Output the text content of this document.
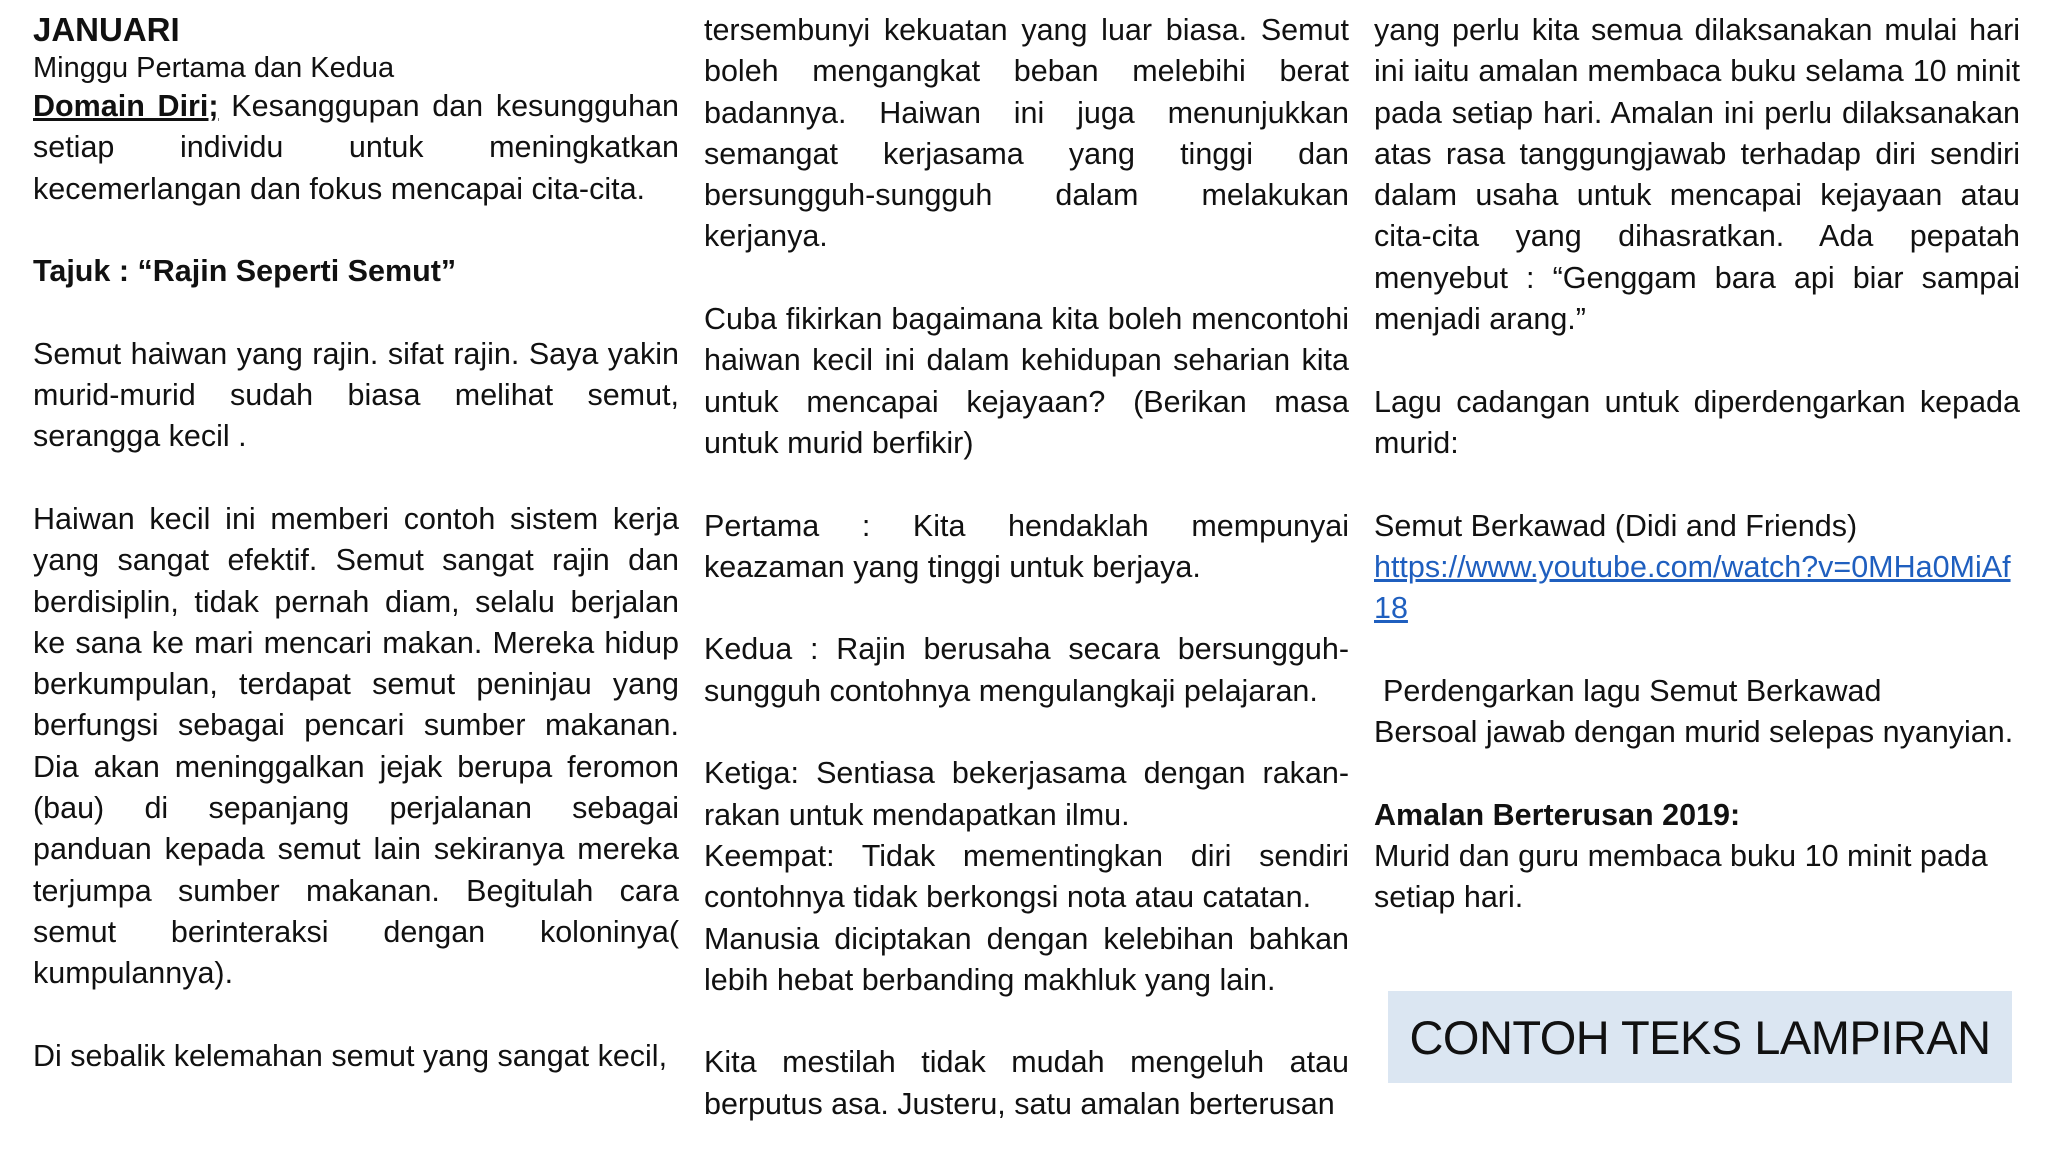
JANUARI

Minggu Pertama dan Kedua

Domain Diri; Kesanggupan dan kesungguhan setiap individu untuk meningkatkan kecemerlangan dan fokus mencapai cita-cita.

Tajuk : “Rajin Seperti Semut”

Semut haiwan yang rajin. sifat rajin. Saya yakin murid-murid sudah biasa melihat semut, serangga kecil .

Haiwan kecil ini memberi contoh sistem kerja yang sangat efektif. Semut sangat rajin dan berdisiplin, tidak pernah diam, selalu berjalan ke sana ke mari mencari makan. Mereka hidup berkumpulan, terdapat semut peninjau yang berfungsi sebagai pencari sumber makanan. Dia akan meninggalkan jejak berupa feromon (bau) di sepanjang perjalanan sebagai panduan kepada semut lain sekiranya mereka terjumpa sumber makanan. Begitulah cara semut berinteraksi dengan koloninya( kumpulannya).

Di sebalik kelemahan semut yang sangat kecil,

tersembunyi kekuatan yang luar biasa. Semut boleh mengangkat beban melebihi berat badannya. Haiwan ini juga menunjukkan semangat kerjasama yang tinggi dan bersungguh-sungguh dalam melakukan kerjanya.

Cuba fikirkan bagaimana kita boleh mencontohi haiwan kecil ini dalam kehidupan seharian kita untuk mencapai kejayaan? (Berikan masa untuk murid berfikir)

Pertama : Kita hendaklah mempunyai keazaman yang tinggi untuk berjaya.

Kedua : Rajin berusaha secara bersungguh-sungguh contohnya mengulangkaji pelajaran.

Ketiga: Sentiasa bekerjasama dengan rakan-rakan untuk mendapatkan ilmu.

Keempat: Tidak mementingkan diri sendiri contohnya tidak berkongsi nota atau catatan.

Manusia diciptakan dengan kelebihan bahkan lebih hebat berbanding makhluk yang lain.

Kita mestilah tidak mudah mengeluh atau berputus asa. Justeru, satu amalan berterusan

yang perlu kita semua dilaksanakan mulai hari ini iaitu amalan membaca buku selama 10 minit pada setiap hari. Amalan ini perlu dilaksanakan atas rasa tanggungjawab terhadap diri sendiri dalam usaha untuk mencapai kejayaan atau cita-cita yang dihasratkan. Ada pepatah menyebut : “Genggam bara api biar sampai menjadi arang.”

Lagu cadangan untuk diperdengarkan kepada murid:

Semut Berkawad (Didi and Friends)

https://www.youtube.com/watch?v=0MHa0MiAf18

Perdengarkan lagu Semut Berkawad

Bersoal jawab dengan murid selepas nyanyian.

Amalan Berterusan 2019:

Murid dan guru membaca buku 10 minit pada setiap hari.

CONTOH TEKS LAMPIRAN
